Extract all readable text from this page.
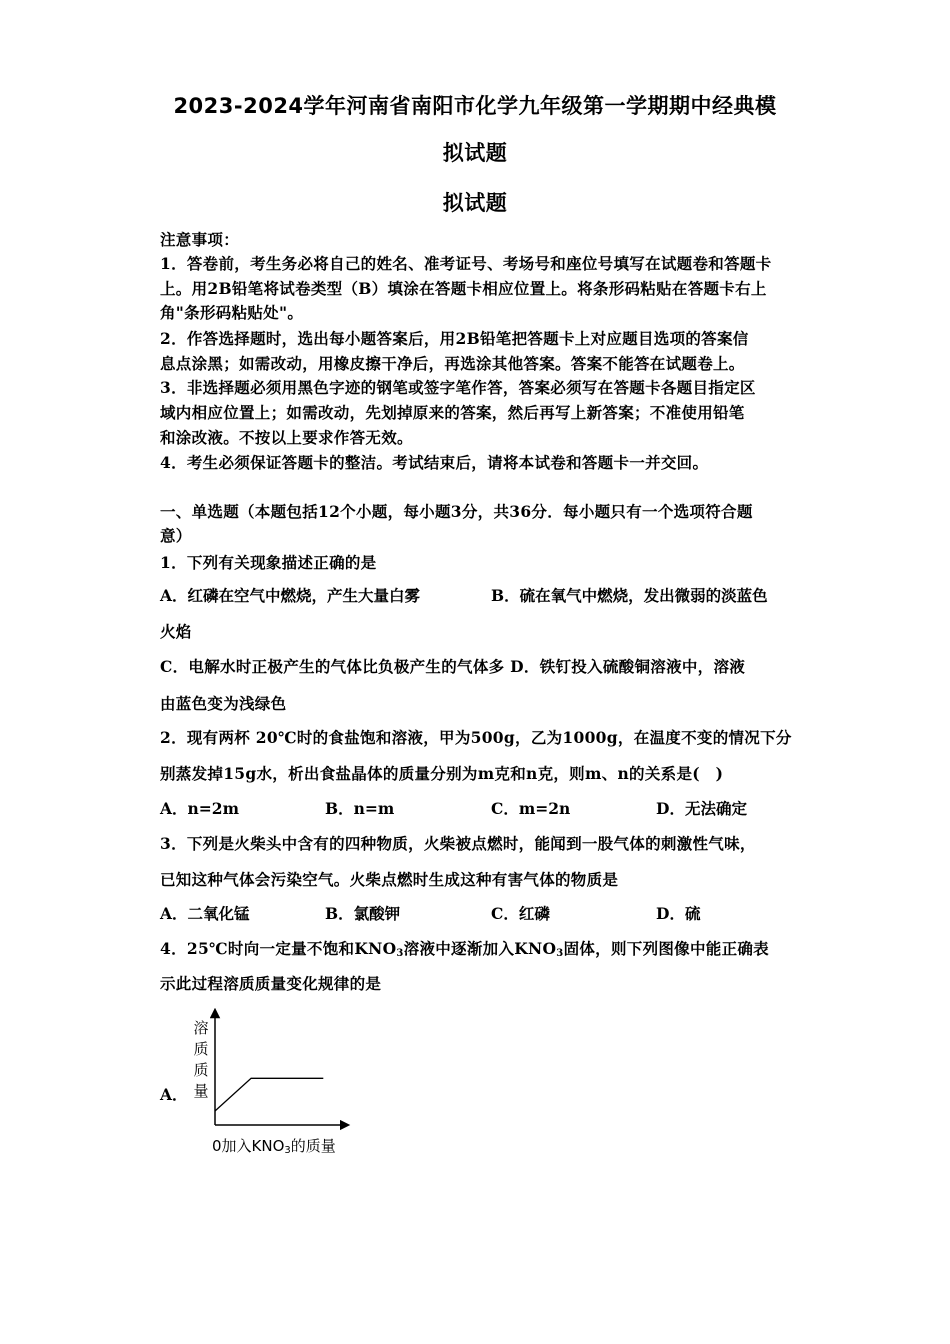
2023-2024学年河南省南阳市化学九年级第一学期期中经典模
拟试题
拟试题
注意事项：
1．答卷前，考生务必将自己的姓名、准考证号、考场号和座位号填写在试题卷和答题卡
上。用2B铅笔将试卷类型（B）填涂在答题卡相应位置上。将条形码粘贴在答题卡右上
角"条形码粘贴处"。
2．作答选择题时，选出每小题答案后，用2B铅笔把答题卡上对应题目选项的答案信
息点涂黑；如需改动，用橡皮擦干净后，再选涂其他答案。答案不能答在试题卷上。
3．非选择题必须用黑色字迹的钢笔或签字笔作答，答案必须写在答题卡各题目指定区
域内相应位置上；如需改动，先划掉原来的答案，然后再写上新答案；不准使用铅笔
和涂改液。不按以上要求作答无效。
4．考生必须保证答题卡的整洁。考试结束后，请将本试卷和答题卡一并交回。
一、单选题（本题包括12个小题，每小题3分，共36分．每小题只有一个选项符合题
意）
1．下列有关现象描述正确的是
A．红磷在空气中燃烧，产生大量白雾	B．硫在氧气中燃烧，发出微弱的淡蓝色
火焰
C．电解水时正极产生的气体比负极产生的气体多 D．铁钉投入硫酸铜溶液中，溶液
由蓝色变为浅绿色
2．现有两杯 20℃时的食盐饱和溶液，甲为500g，乙为1000g，在温度不变的情况下分
别蒸发掉15g水，析出食盐晶体的质量分别为m克和n克，则m、n的关系是(　)
A．n=2m	B．n=m	C．m=2n	D．无法确定
3．下列是火柴头中含有的四种物质，火柴被点燃时，能闻到一股气体的刺激性气味，
已知这种气体会污染空气。火柴点燃时生成这种有害气体的物质是
A．二氧化锰	B．氯酸钾	C．红磷	D．硫
4．25℃时向一定量不饱和$KNO_3$溶液中逐渐加入$KNO_3$固体，则下列图像中能正确表
示此过程溶质质量变化规律的是
A．
溶
质
质
量
0加入$KNO_3$的质量
